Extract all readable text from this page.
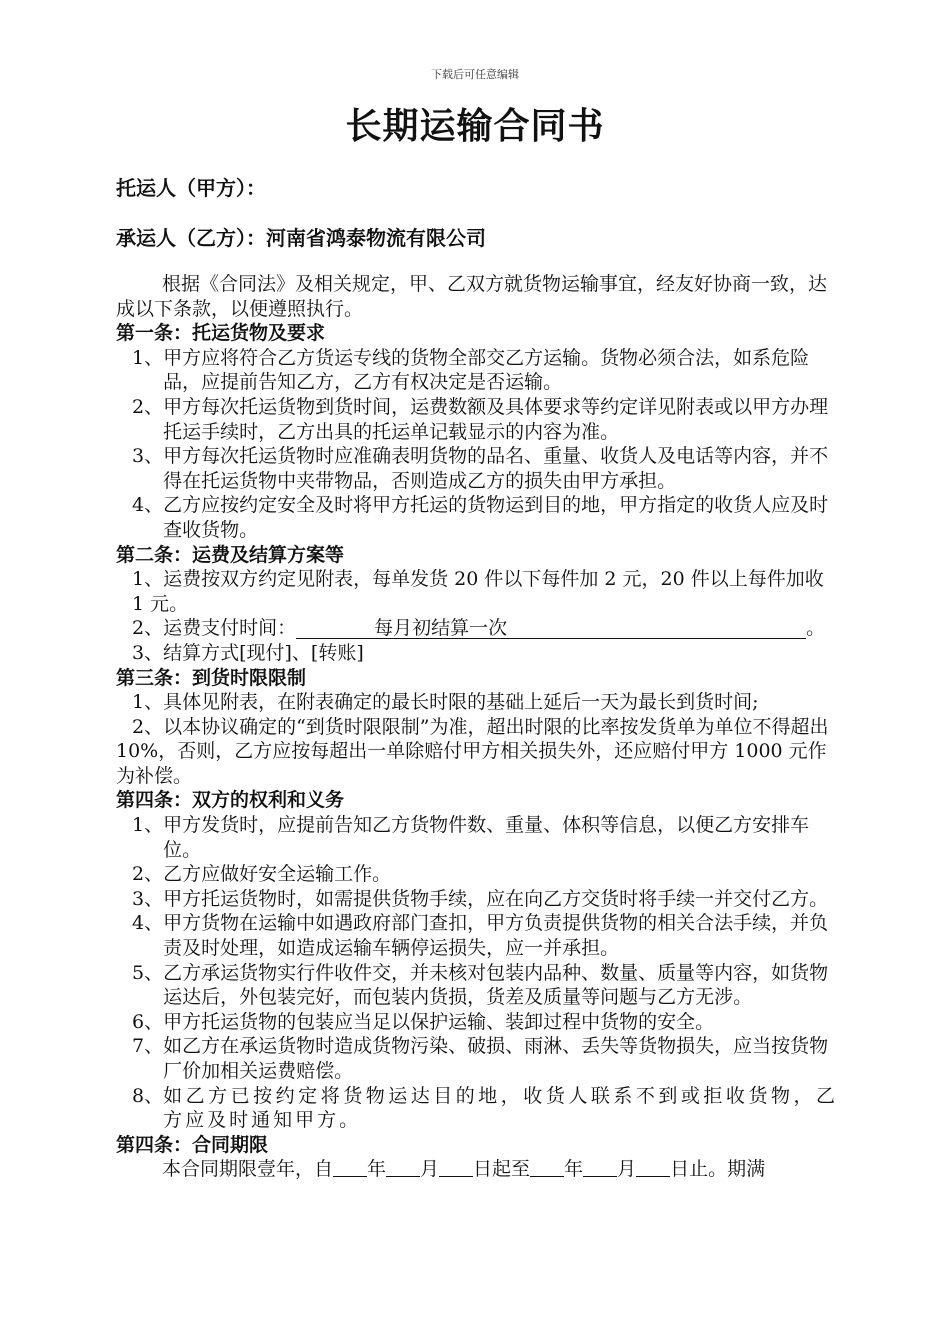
下载后可任意编辑
长期运输合同书
托运人（甲方）：
承运人（乙方）：河南省鸿泰物流有限公司

根据《合同法》及相关规定，甲、乙双方就货物运输事宜，经友好协商一致，达成以下条款，以便遵照执行。

第一条：托运货物及要求

1、 甲方应将符合乙方货运专线的货物全部交乙方运输。货物必须合法，如系危险品，应提前告知乙方，乙方有权决定是否运输。
2、 甲方每次托运货物到货时间，运费数额及具体要求等约定详见附表或以甲方办理托运手续时，乙方出具的托运单记载显示的内容为准。
3、 甲方每次托运货物时应准确表明货物的品名、重量、收货人及电话等内容，并不得在托运货物中夹带物品，否则造成乙方的损失由甲方承担。
4、 乙方应按约定安全及时将甲方托运的货物运到目的地，甲方指定的收货人应及时查收货物。

第二条：运费及结算方案等

1、运费按双方约定见附表，每单发货 20 件以下每件加 2 元，20 件以上每件加收 1 元。

2、运费支付时间：	每月初结算一次	。

3、结算方式[现付]、[转账]

第三条：到货时限限制

1、具体见附表，在附表确定的最长时限的基础上延后一天为最长到货时间;

2、以本协议确定的“到货时限限制”为准，超出时限的比率按发货单为单位不得超出 10%，否则，乙方应按每超出一单除赔付甲方相关损失外，还应赔付甲方 1000 元作为补偿。

第四条：双方的权利和义务

1、 甲方发货时，应提前告知乙方货物件数、重量、体积等信息，以便乙方安排车位。
2、 乙方应做好安全运输工作。
3、 甲方托运货物时，如需提供货物手续，应在向乙方交货时将手续一并交付乙方。
4、 甲方货物在运输中如遇政府部门查扣，甲方负责提供货物的相关合法手续，并负责及时处理，如造成运输车辆停运损失，应一并承担。
5、 乙方承运货物实行件收件交，并未核对包装内品种、数量、质量等内容，如货物运达后，外包装完好，而包装内货损，货差及质量等问题与乙方无涉。
6、 甲方托运货物的包装应当足以保护运输、装卸过程中货物的安全。
7、 如乙方在承运货物时造成货物污染、破损、雨淋、丢失等货物损失，应当按货物厂价加相关运费赔偿。
8、 如乙方已按约定将货物运达目的地，收货人联系不到或拒收货物，乙方应及时通知甲方。

第四条：合同期限

本合同期限壹年，自 年 月 日起至 年 月 日止。期满
